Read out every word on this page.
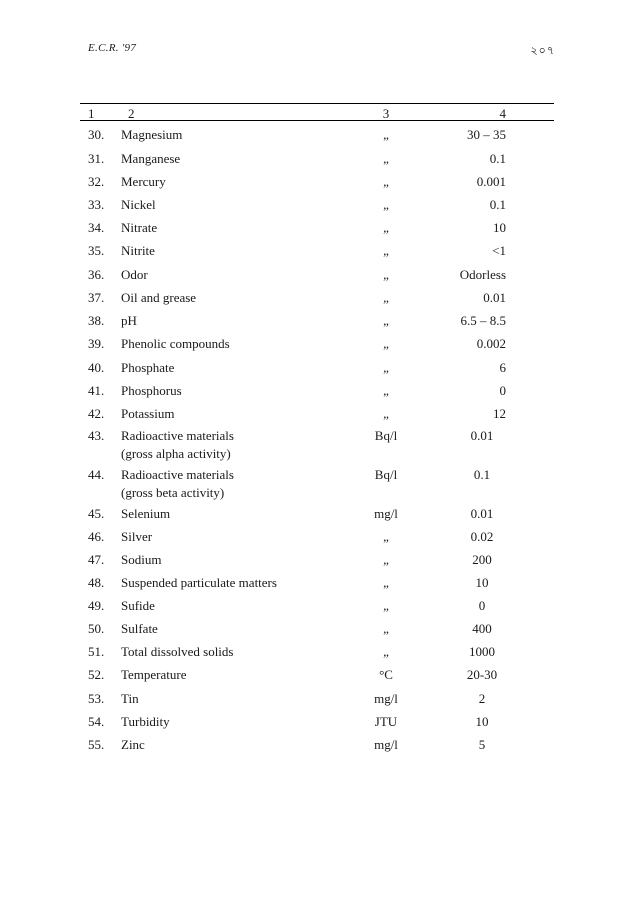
E.C.R. '97	২০৭
1	2	3	4
30. Magnesium	„	30 – 35
31. Manganese	„	0.1
32. Mercury	„	0.001
33. Nickel	„	0.1
34. Nitrate	„	10
35. Nitrite	„	<1
36. Odor	„	Odorless
37. Oil and grease	„	0.01
38. pH	„	6.5 – 8.5
39. Phenolic compounds	„	0.002
40. Phosphate	„	6
41. Phosphorus	„	0
42. Potassium	„	12
43. Radioactive materials
(gross alpha activity)
Bq/l	0.01
44. Radioactive materials
(gross beta activity)
Bq/l	0.1
45. Selenium	mg/l	0.01
46. Silver	„	0.02
47. Sodium	„	200
48. Suspended particulate matters	„	10
49. Sufide	„	0
50. Sulfate	„	400
51. Total dissolved solids	„	1000
52. Temperature	°C	20-30
53. Tin	mg/l	2
54. Turbidity	JTU	10
55. Zinc	mg/l	5
